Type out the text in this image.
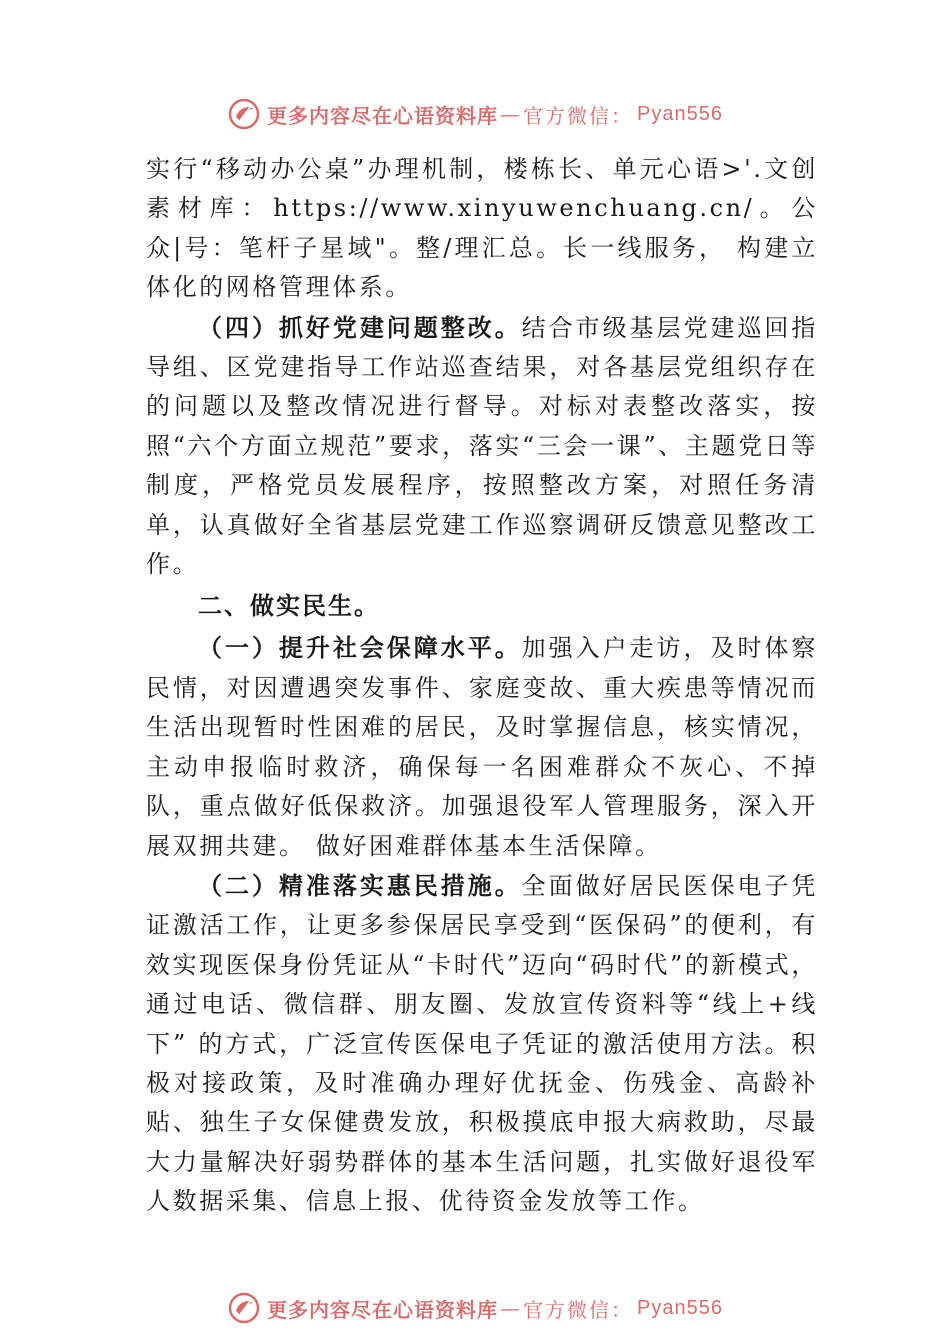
更多内容尽在心语资料库 — 官方微信： Pyan556

实行“移动办公桌”办理机制，楼栋长、单元心语>'.文创素材库：https://www.xinyuwenchuang.cn/。公众|号：笔杆子星域"。整/理汇总。长一线服务， 构建立体化的网格管理体系。

（四）抓好党建问题整改。结合市级基层党建巡回指导组、区党建指导工作站巡查结果，对各基层党组织存在的问题以及整改情况进行督导。对标对表整改落实，按照“六个方面立规范”要求，落实“三会一课”、主题党日等制度，严格党员发展程序，按照整改方案，对照任务清单，认真做好全省基层党建工作巡察调研反馈意见整改工作。

二、做实民生。

（一）提升社会保障水平。加强入户走访，及时体察民情，对因遭遇突发事件、家庭变故、重大疾患等情况而生活出现暂时性困难的居民，及时掌握信息，核实情况，主动申报临时救济，确保每一名困难群众不灰心、不掉队，重点做好低保救济。加强退役军人管理服务，深入开展双拥共建。 做好困难群体基本生活保障。

（二）精准落实惠民措施。全面做好居民医保电子凭证激活工作，让更多参保居民享受到“医保码”的便利，有效实现医保身份凭证从“卡时代”迈向“码时代”的新模式， 通过电话、微信群、朋友圈、发放宣传资料等“线上+线下” 的方式，广泛宣传医保电子凭证的激活使用方法。积极对接政策，及时准确办理好优抚金、伤残金、高龄补贴、独生子女保健费发放，积极摸底申报大病救助，尽最大力量解决好弱势群体的基本生活问题，扎实做好退役军人数据采集、信息上报、优待资金发放等工作。

更多内容尽在心语资料库 — 官方微信： Pyan556
